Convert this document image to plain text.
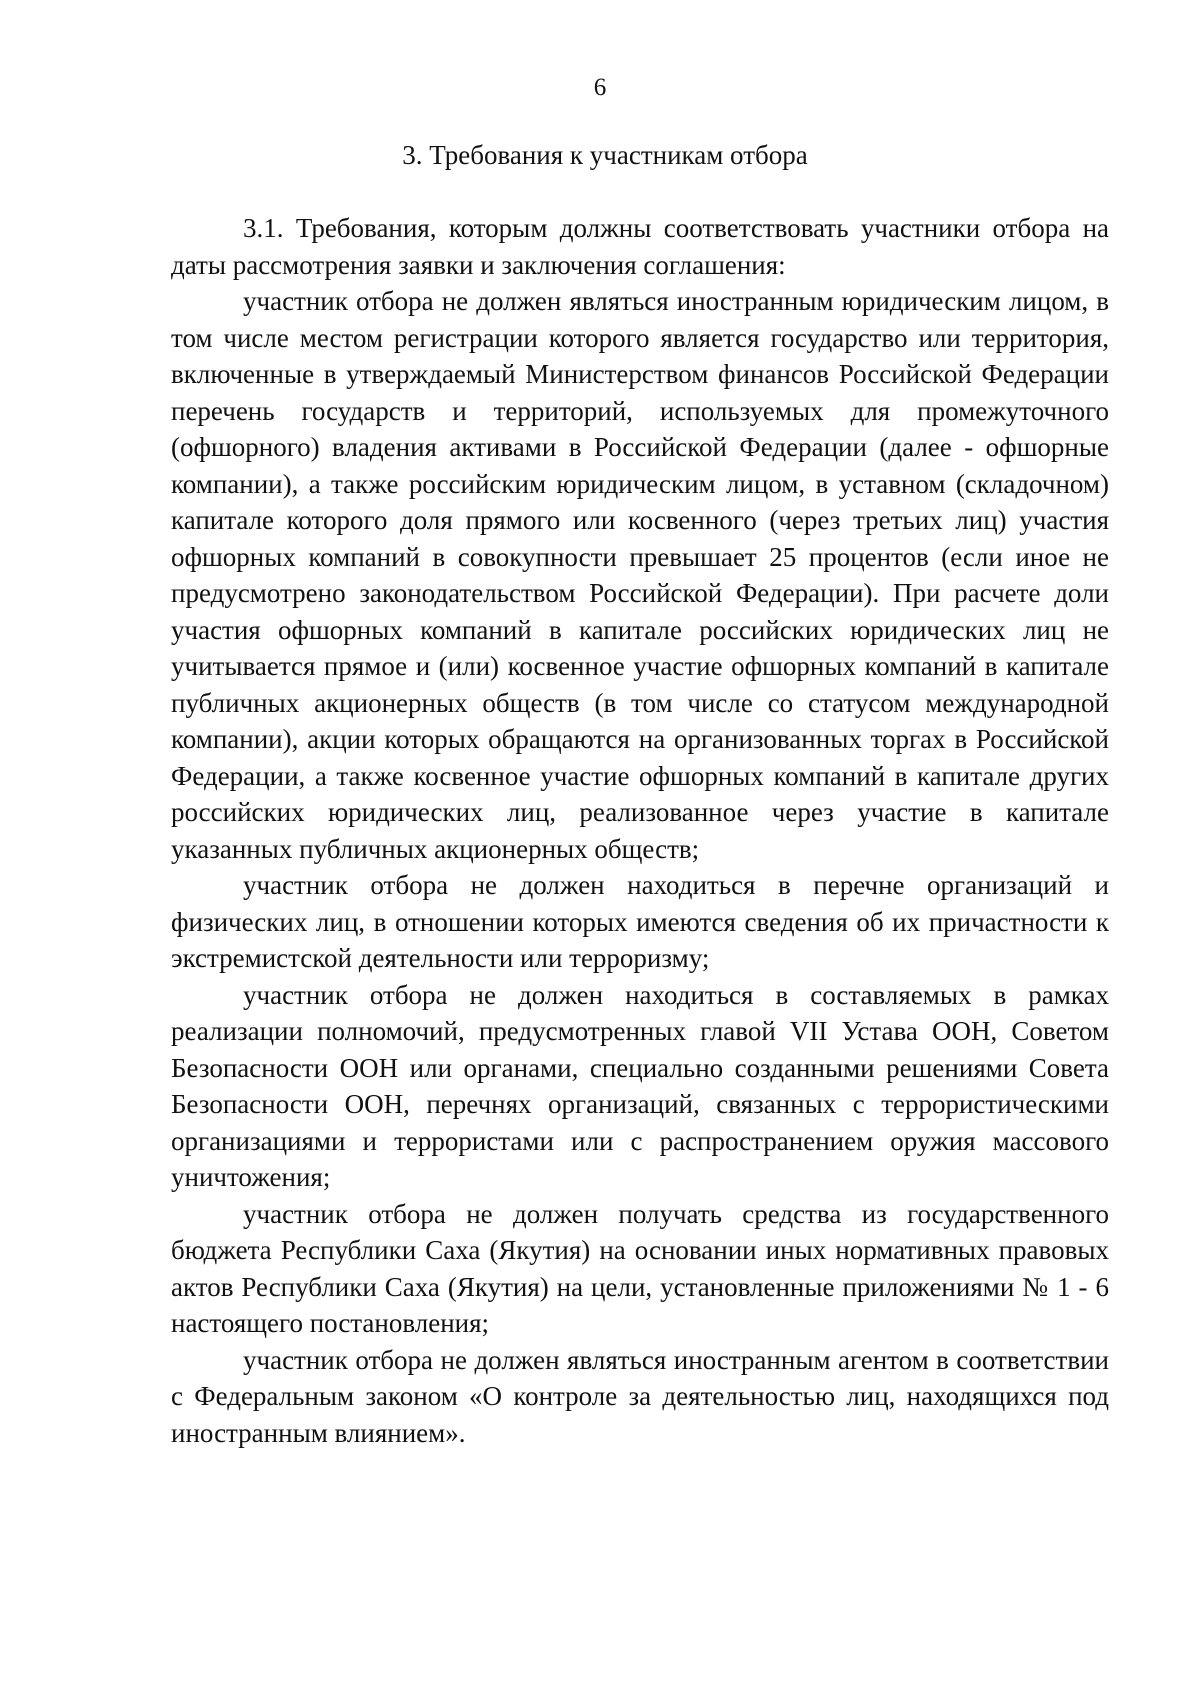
6
3. Требования к участникам отбора

3.1. Требования, которым должны соответствовать участники отбора на даты рассмотрения заявки и заключения соглашения:

участник отбора не должен являться иностранным юридическим лицом, в том числе местом регистрации которого является государство или территория, включенные в утверждаемый Министерством финансов Российской Федерации перечень государств и территорий, используемых для промежуточного (офшорного) владения активами в Российской Федерации (далее - офшорные компании), а также российским юридическим лицом, в уставном (складочном) капитале которого доля прямого или косвенного (через третьих лиц) участия офшорных компаний в совокупности превышает 25 процентов (если иное не предусмотрено законодательством Российской Федерации). При расчете доли участия офшорных компаний в капитале российских юридических лиц не учитывается прямое и (или) косвенное участие офшорных компаний в капитале публичных акционерных обществ (в том числе со статусом международной компании), акции которых обращаются на организованных торгах в Российской Федерации, а также косвенное участие офшорных компаний в капитале других российских юридических лиц, реализованное через участие в капитале указанных публичных акционерных обществ;

участник отбора не должен находиться в перечне организаций и физических лиц, в отношении которых имеются сведения об их причастности к экстремистской деятельности или терроризму;

участник отбора не должен находиться в составляемых в рамках реализации полномочий, предусмотренных главой VII Устава ООН, Советом Безопасности ООН или органами, специально созданными решениями Совета Безопасности ООН, перечнях организаций, связанных с террористическими организациями и террористами или с распространением оружия массового уничтожения;

участник отбора не должен получать средства из государственного бюджета Республики Саха (Якутия) на основании иных нормативных правовых актов Республики Саха (Якутия) на цели, установленные приложениями № 1 - 6 настоящего постановления;

участник отбора не должен являться иностранным агентом в соответствии с Федеральным законом «О контроле за деятельностью лиц, находящихся под иностранным влиянием».
